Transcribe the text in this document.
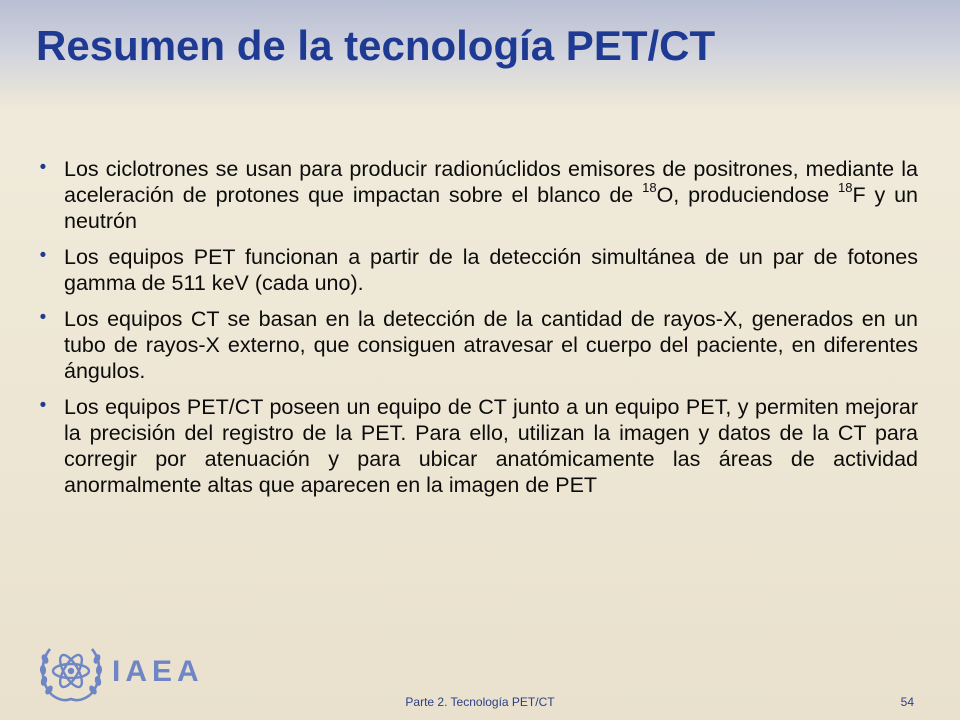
Resumen de la tecnología PET/CT
• Los ciclotrones se usan para producir radionúclidos emisores de positrones, mediante la aceleración de protones que impactan sobre el blanco de $^{18}$O, produciendose $^{18}$F y un neutrón
• Los equipos PET funcionan a partir de la detección simultánea de un par de fotones gamma de 511 keV (cada uno).
• Los equipos CT se basan en la detección de la cantidad de rayos-X, generados en un tubo de rayos-X externo, que consiguen atravesar el cuerpo del paciente, en diferentes ángulos.
• Los equipos PET/CT poseen un equipo de CT junto a un equipo PET, y permiten mejorar la precisión del registro de la PET. Para ello, utilizan la imagen y datos de la CT para corregir por atenuación y para ubicar anatómicamente las áreas de actividad anormalmente altas que aparecen en la imagen de PET
IAEA
Parte 2. Tecnología PET/CT	54
